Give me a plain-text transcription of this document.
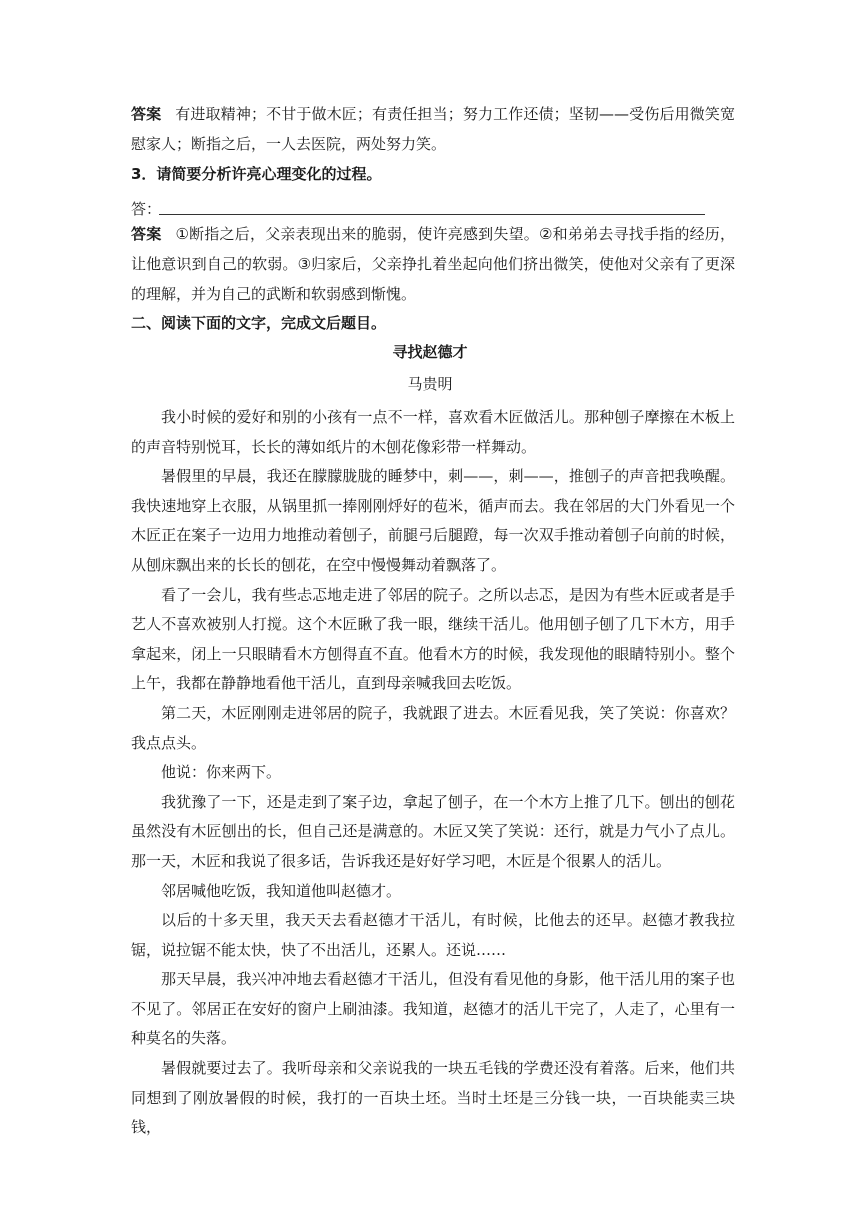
答案 有进取精神；不甘于做木匠；有责任担当；努力工作还债；坚韧——受伤后用微笑宽慰家人；断指之后，一人去医院，两处努力笑。

3．请简要分析许亮心理变化的过程。

答：

答案 ①断指之后，父亲表现出来的脆弱，使许亮感到失望。②和弟弟去寻找手指的经历，让他意识到自己的软弱。③归家后，父亲挣扎着坐起向他们挤出微笑，使他对父亲有了更深的理解，并为自己的武断和软弱感到惭愧。

二、阅读下面的文字，完成文后题目。

寻找赵德才

马贵明

我小时候的爱好和别的小孩有一点不一样，喜欢看木匠做活儿。那种刨子摩擦在木板上的声音特别悦耳，长长的薄如纸片的木刨花像彩带一样舞动。

暑假里的早晨，我还在朦朦胧胧的睡梦中，刺——，刺——，推刨子的声音把我唤醒。我快速地穿上衣服，从锅里抓一捧刚刚烀好的苞米，循声而去。我在邻居的大门外看见一个木匠正在案子一边用力地推动着刨子，前腿弓后腿蹬，每一次双手推动着刨子向前的时候，从刨床飘出来的长长的刨花，在空中慢慢舞动着飘落了。

看了一会儿，我有些忐忑地走进了邻居的院子。之所以忐忑，是因为有些木匠或者是手艺人不喜欢被别人打搅。这个木匠瞅了我一眼，继续干活儿。他用刨子刨了几下木方，用手拿起来，闭上一只眼睛看木方刨得直不直。他看木方的时候，我发现他的眼睛特别小。整个上午，我都在静静地看他干活儿，直到母亲喊我回去吃饭。

第二天，木匠刚刚走进邻居的院子，我就跟了进去。木匠看见我，笑了笑说：你喜欢？我点点头。

他说：你来两下。

我犹豫了一下，还是走到了案子边，拿起了刨子，在一个木方上推了几下。刨出的刨花虽然没有木匠刨出的长，但自己还是满意的。木匠又笑了笑说：还行，就是力气小了点儿。那一天，木匠和我说了很多话，告诉我还是好好学习吧，木匠是个很累人的活儿。

邻居喊他吃饭，我知道他叫赵德才。

以后的十多天里，我天天去看赵德才干活儿，有时候，比他去的还早。赵德才教我拉锯，说拉锯不能太快，快了不出活儿，还累人。还说……

那天早晨，我兴冲冲地去看赵德才干活儿，但没有看见他的身影，他干活儿用的案子也不见了。邻居正在安好的窗户上刷油漆。我知道，赵德才的活儿干完了，人走了，心里有一种莫名的失落。

暑假就要过去了。我听母亲和父亲说我的一块五毛钱的学费还没有着落。后来，他们共同想到了刚放暑假的时候，我打的一百块土坯。当时土坯是三分钱一块，一百块能卖三块钱，
